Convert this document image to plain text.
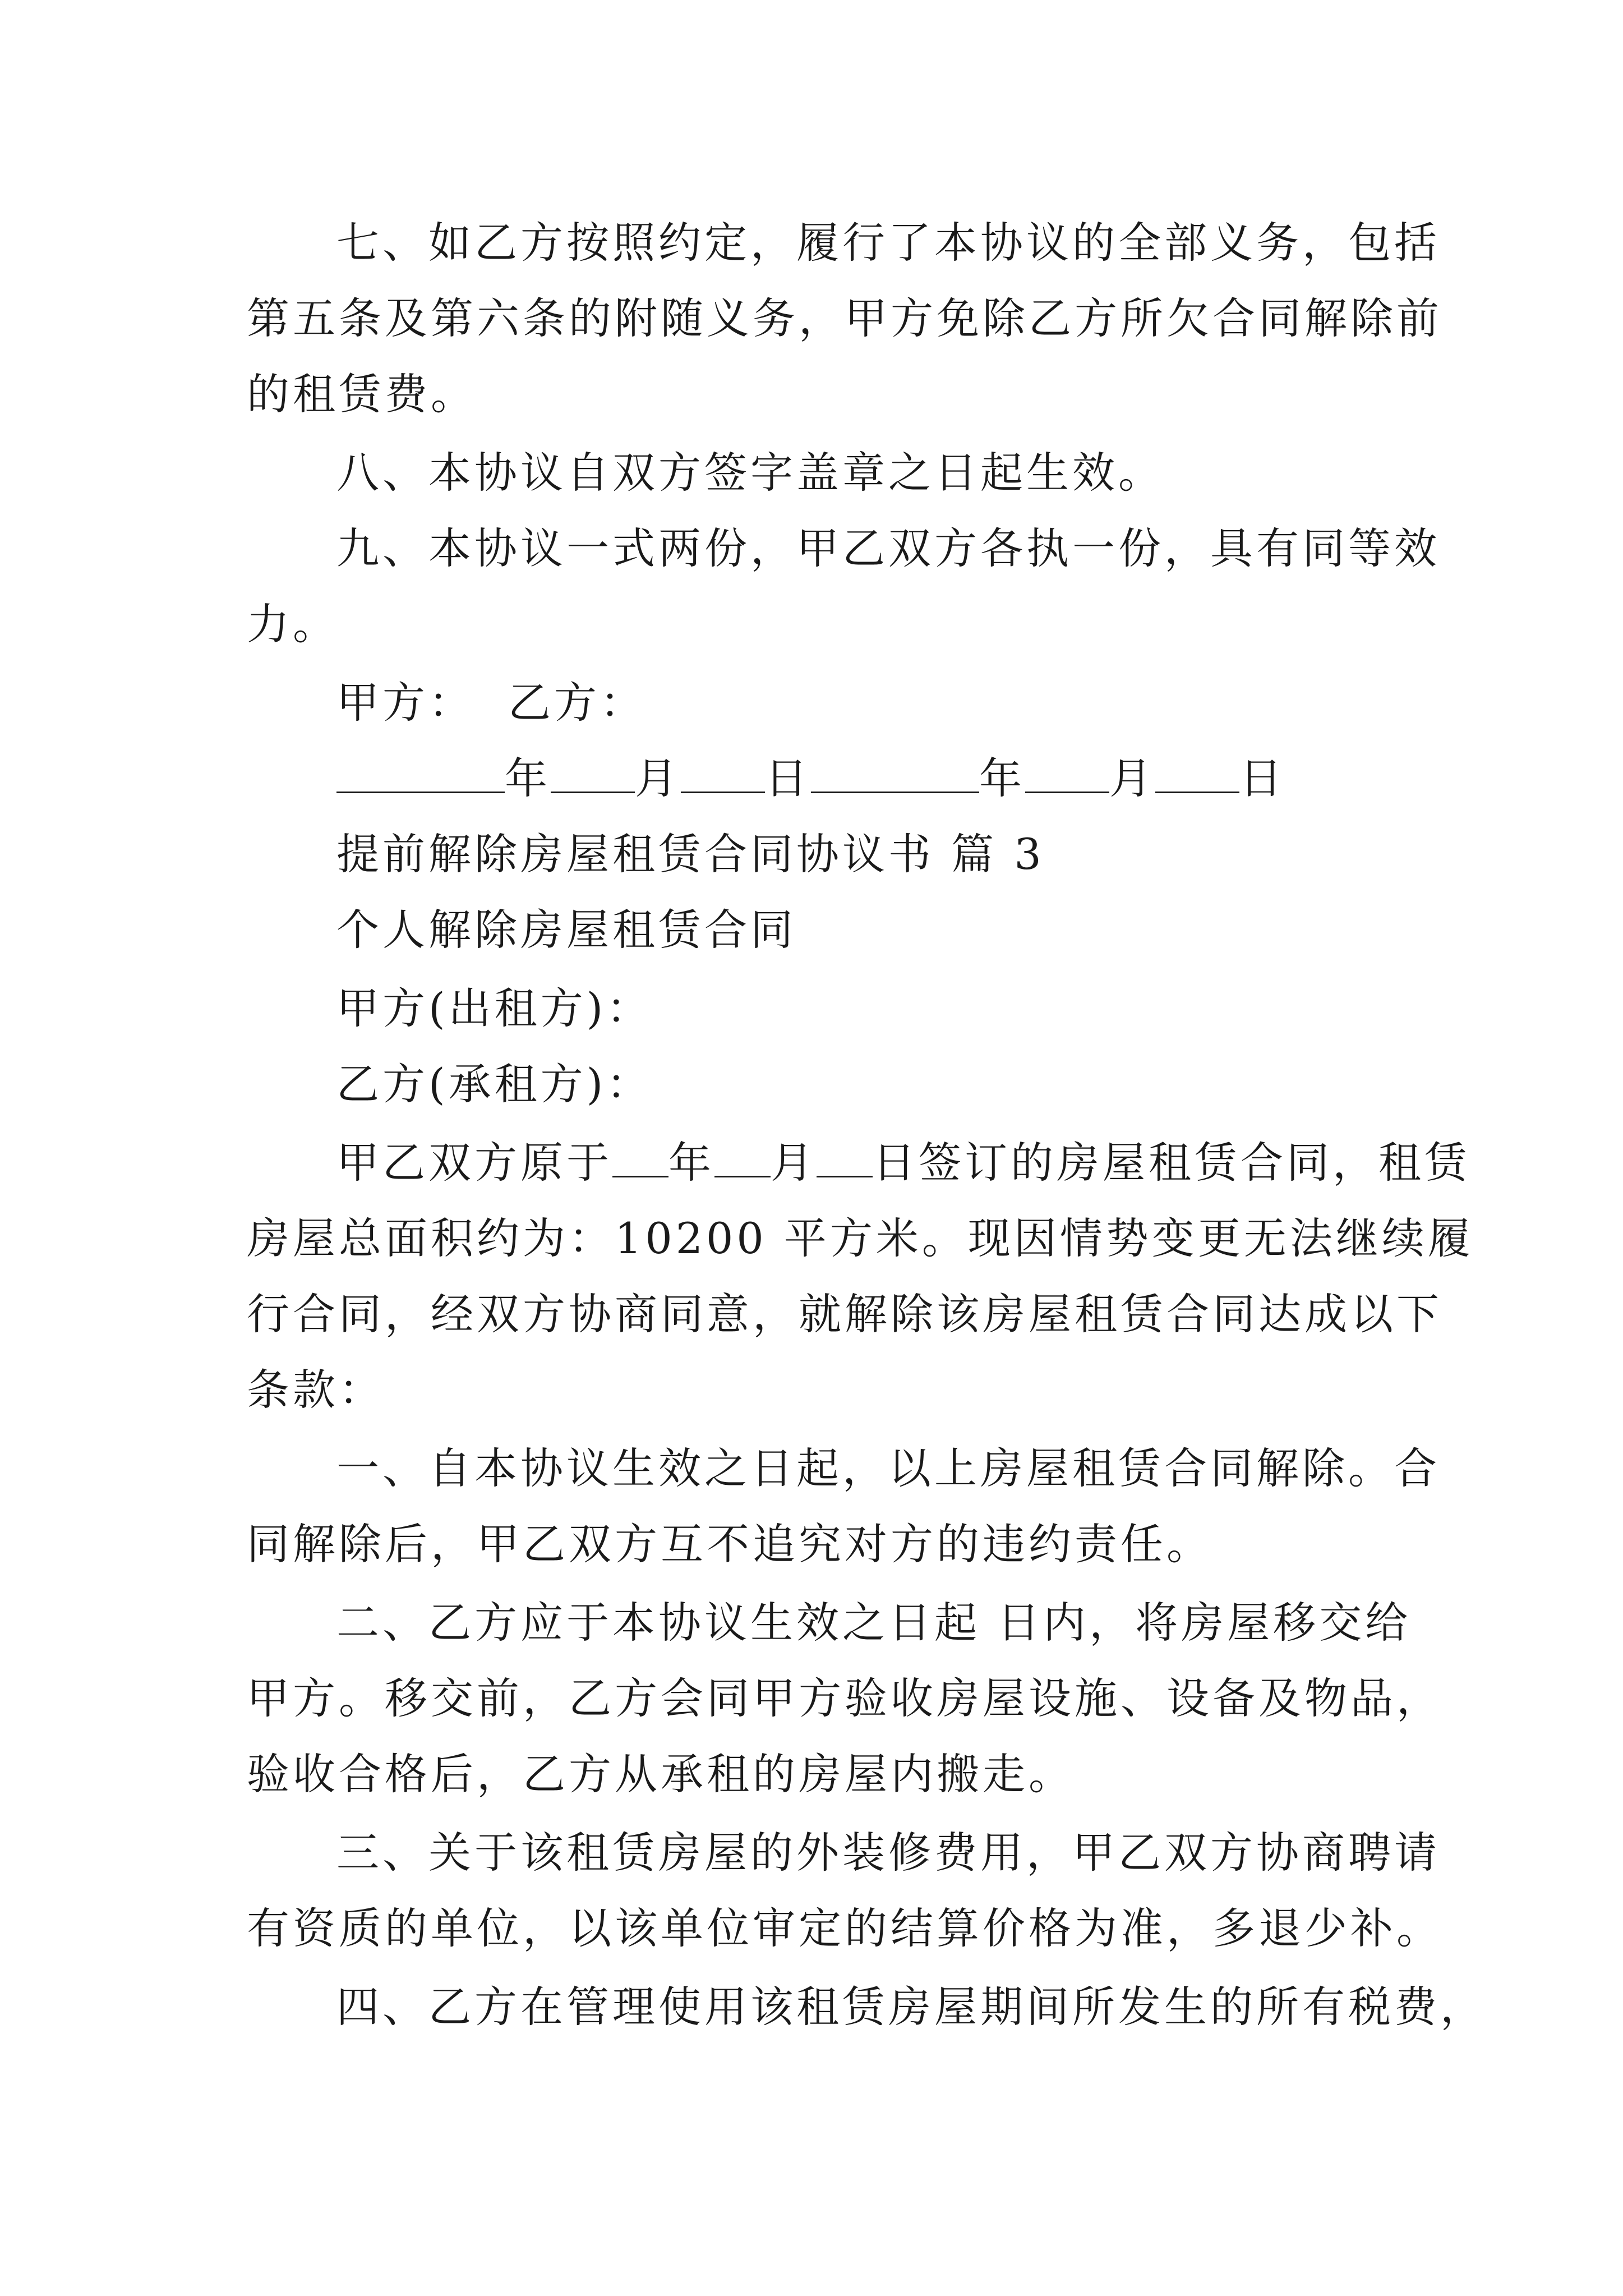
七、如乙方按照约定，履行了本协议的全部义务，包括
第五条及第六条的附随义务，甲方免除乙方所欠合同解除前
的租赁费。
八、本协议自双方签字盖章之日起生效。
九、本协议一式两份，甲乙双方各执一份，具有同等效
力。
甲方： 乙方：
年 月 日	年 月 日
提前解除房屋租赁合同协议书 篇 3
个人解除房屋租赁合同
甲方(出租方)：
乙方(承租方)：
甲乙双方原于 年 月 日签订的房屋租赁合同，租赁
房屋总面积约为：10200 平方米。现因情势变更无法继续履
行合同，经双方协商同意，就解除该房屋租赁合同达成以下
条款：
一、自本协议生效之日起，以上房屋租赁合同解除。合
同解除后，甲乙双方互不追究对方的违约责任。
二、乙方应于本协议生效之日起 日内，将房屋移交给
甲方。移交前，乙方会同甲方验收房屋设施、设备及物品，
验收合格后，乙方从承租的房屋内搬走。
三、关于该租赁房屋的外装修费用，甲乙双方协商聘请
有资质的单位，以该单位审定的结算价格为准，多退少补。
四、乙方在管理使用该租赁房屋期间所发生的所有税费，
